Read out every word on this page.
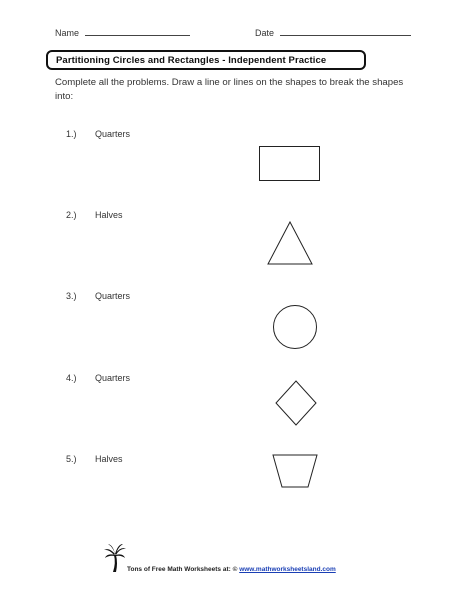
Name	Date
Partitioning Circles and Rectangles - Independent Practice
Complete all the problems. Draw a line or lines on the shapes to break the shapes into:
1.) Quarters
2.) Halves
3.) Quarters
4.) Quarters
5.) Halves
Tons of Free Math Worksheets at: © www.mathworksheetsland.com
